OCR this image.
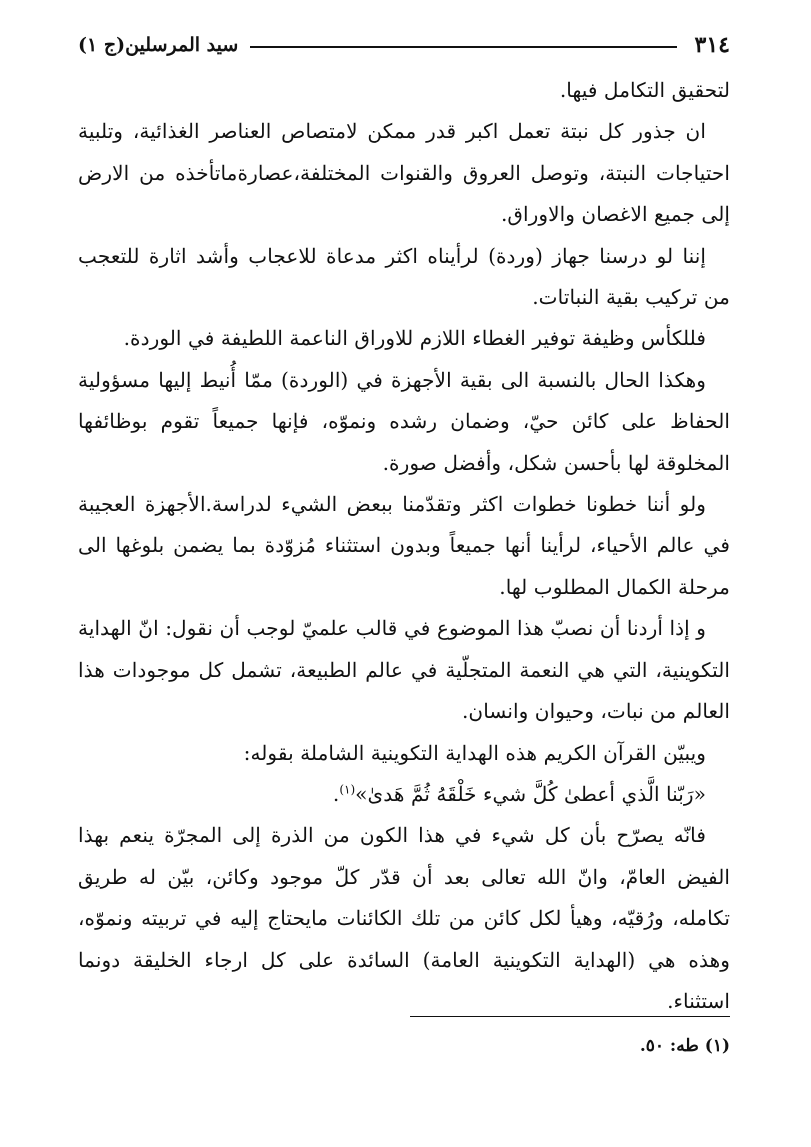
٣١٤
سيد المرسلين(ج ١)

لتحقيق التكامل فيها.

ان جذور كل نبتة تعمل اكبر قدر ممكن لامتصاص العناصر الغذائية، وتلبية احتياجات النبتة، وتوصل العروق والقنوات المختلفة،عصارةماتأخذه من الارض إلى جميع الاغصان والاوراق.

إننا لو درسنا جهاز (وردة) لرأيناه اكثر مدعاة للاعجاب وأشد اثارة للتعجب من تركيب بقية النباتات.

فللكأس وظيفة توفير الغطاء اللازم للاوراق الناعمة اللطيفة في الوردة.

وهكذا الحال بالنسبة الى بقية الأجهزة في (الوردة) ممّا أُنيط إليها مسؤولية الحفاظ على كائن حيّ، وضمان رشده ونموّه، فإنها جميعاً تقوم بوظائفها المخلوقة لها بأحسن شكل، وأفضل صورة.

ولو أننا خطونا خطوات اكثر وتقدّمنا ببعض الشيء لدراسة.الأجهزة العجيبة في عالم الأحياء، لرأينا أنها جميعاً وبدون استثناء مُزوّدة بما يضمن بلوغها الى مرحلة الكمال المطلوب لها.

و إذا أردنا أن نصبّ هذا الموضوع في قالب علميّ لوجب أن نقول: انّ الهداية التكوينية، التي هي النعمة المتجلّية في عالم الطبيعة، تشمل كل موجودات هذا العالم من نبات، وحيوان وانسان.

ويبيّن القرآن الكريم هذه الهداية التكوينية الشاملة بقوله:

«رَبّنا الَّذي أعطىٰ كُلَّ شيء خَلْقَهُ ثُمَّ هَدىٰ»$^{(١)}$.

فانّه يصرّح بأن كل شيء في هذا الكون من الذرة إلى المجرّة ينعم بهذا الفيض العامّ، وانّ الله تعالى بعد أن قدّر كلّ موجود وكائن، بيّن له طريق تكامله، ورُقيّه، وهيأ لكل كائن من تلك الكائنات مايحتاج إليه في تربيته ونموّه، وهذه هي (الهداية التكوينية العامة) السائدة على كل ارجاء الخليقة دونما استثناء.

(١) طه: ٥٠.
